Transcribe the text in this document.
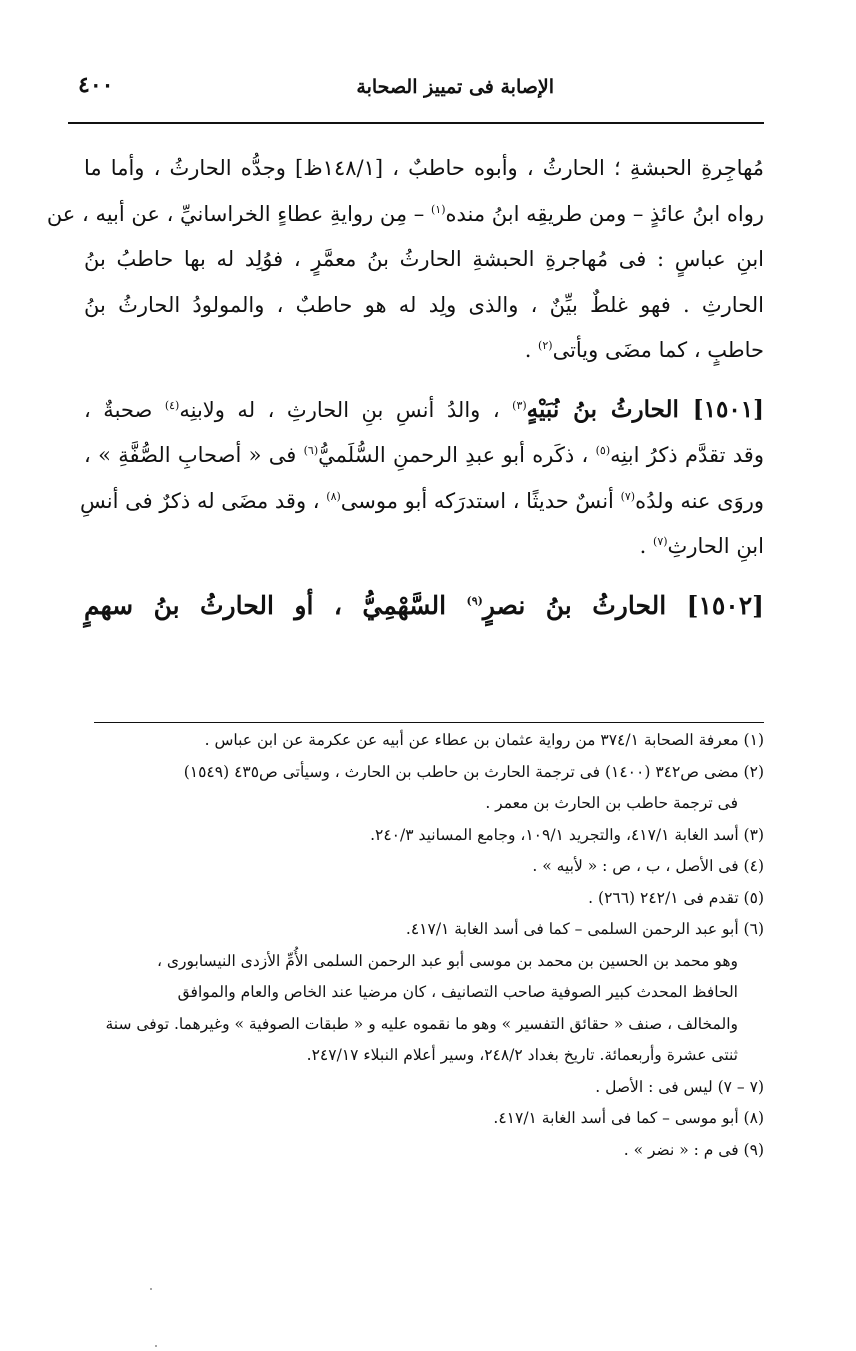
الإصابة فى تمييز الصحابة
٤٠٠
مُهاجِرةِ الحبشةِ ؛ الحارثُ ، وأبوه حاطبٌ ، [١٤٨/١ظ] وجدُّه الحارثُ ، وأما ما
رواه ابنُ عائذٍ – ومن طريقِه ابنُ منده$^{(١)}$ – مِن روايةِ عطاءٍ الخراسانيِّ ، عن أبيه ، عن
ابنِ عباسٍ : فى مُهاجرةِ الحبشةِ الحارثُ بنُ معمَّرٍ ، فوُلِد له بها حاطبُ بنُ
الحارثِ . فهو غلطٌ بيِّنٌ ، والذى ولِد له هو حاطبٌ ، والمولودُ الحارثُ بنُ
حاطبٍ ، كما مضَى ويأتى$^{(٢)}$ .
[١٥٠١] الحارثُ بنُ نُبَيْهٍ$^{(٣)}$ ، والدُ أنسِ بنِ الحارثِ ، له ولابنِه$^{(٤)}$ صحبةٌ ،
وقد تقدَّم ذكرُ ابنِه$^{(٥)}$ ، ذكَره أبو عبدِ الرحمنِ السُّلَميُّ$^{(٦)}$ فى « أصحابِ الصُّفَّةِ » ،
وروَى عنه ولدُه$^{(٧)}$ أنسٌ حديثًا ، استدرَكه أبو موسى$^{(٨)}$ ، وقد مضَى له ذكرٌ فى أنسِ
ابنِ الحارثِ$^{(٧)}$ .
[١٥٠٢] الحارثُ بنُ نصرٍ$^{(٩)}$ السَّهْمِيُّ ، أو الحارثُ بنُ سهمٍ
(١) معرفة الصحابة ٣٧٤/١ من رواية عثمان بن عطاء عن أبيه عن عكرمة عن ابن عباس .
(٢) مضى ص٣٤٢ (١٤٠٠) فى ترجمة الحارث بن حاطب بن الحارث ، وسيأتى ص٤٣٥ (١٥٤٩)
فى ترجمة حاطب بن الحارث بن معمر .
(٣) أسد الغابة ٤١٧/١، والتجريد ١٠٩/١، وجامع المسانيد ٢٤٠/٣.
(٤) فى الأصل ، ب ، ص : « لأبيه » .
(٥) تقدم فى ٢٤٢/١ (٢٦٦) .
(٦) أبو عبد الرحمن السلمى – كما فى أسد الغابة ٤١٧/١.
وهو محمد بن الحسين بن محمد بن موسى أبو عبد الرحمن السلمى الأُمِّ الأزدى النيسابورى ،
الحافظ المحدث كبير الصوفية صاحب التصانيف ، كان مرضيا عند الخاص والعام والموافق
والمخالف ، صنف « حقائق التفسير » وهو ما نقموه عليه و « طبقات الصوفية » وغيرهما. توفى سنة
ثنتى عشرة وأربعمائة. تاريخ بغداد ٢٤٨/٢، وسير أعلام النبلاء ٢٤٧/١٧.
(٧ – ٧) ليس فى : الأصل .
(٨) أبو موسى – كما فى أسد الغابة ٤١٧/١.
(٩) فى م : « نضر » .
